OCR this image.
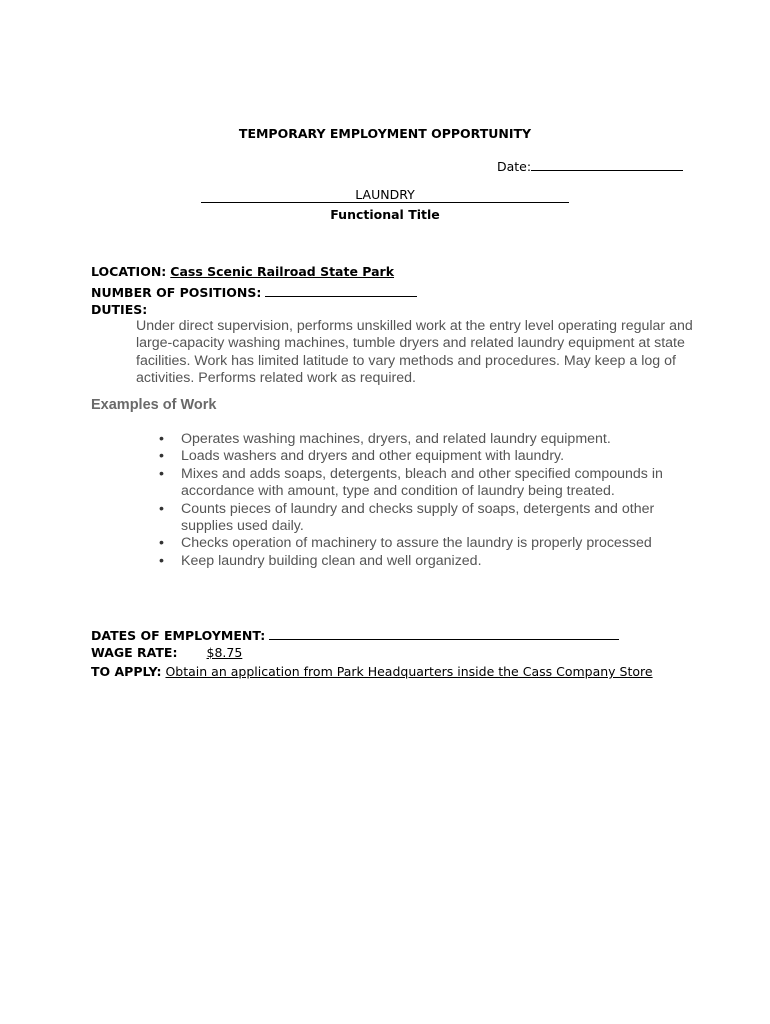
TEMPORARY EMPLOYMENT OPPORTUNITY
Date:
LAUNDRY
Functional Title
LOCATION: Cass Scenic Railroad State Park
NUMBER OF POSITIONS:
DUTIES:
Under direct supervision, performs unskilled work at the entry level operating regular and large-capacity washing machines, tumble dryers and related laundry equipment at state facilities. Work has limited latitude to vary methods and procedures. May keep a log of activities. Performs related work as required.
Examples of Work
• Operates washing machines, dryers, and related laundry equipment.
• Loads washers and dryers and other equipment with laundry.
• Mixes and adds soaps, detergents, bleach and other specified compounds in accordance with amount, type and condition of laundry being treated.
• Counts pieces of laundry and checks supply of soaps, detergents and other supplies used daily.
• Checks operation of machinery to assure the laundry is properly processed
• Keep laundry building clean and well organized.
DATES OF EMPLOYMENT:
WAGE RATE: $8.75
TO APPLY: Obtain an application from Park Headquarters inside the Cass Company Store
